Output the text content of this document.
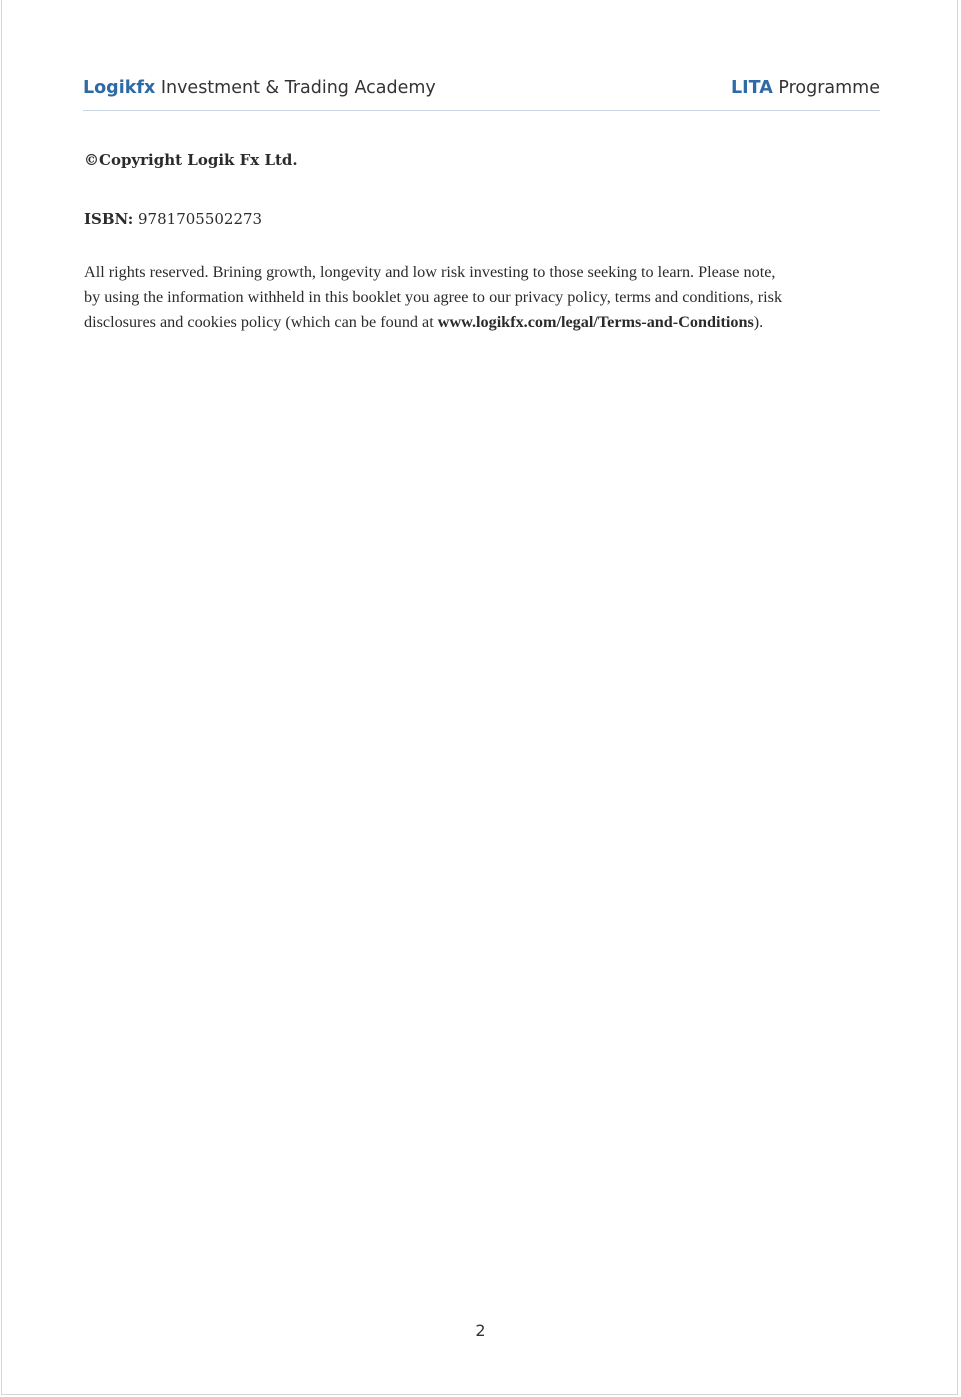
Logikfx Investment & Trading Academy	LITA Programme
©Copyright Logik Fx Ltd.
ISBN: 9781705502273
All rights reserved. Brining growth, longevity and low risk investing to those seeking to learn. Please note,
by using the information withheld in this booklet you agree to our privacy policy, terms and conditions, risk
disclosures and cookies policy (which can be found at www.logikfx.com/legal/Terms-and-Conditions).
2
